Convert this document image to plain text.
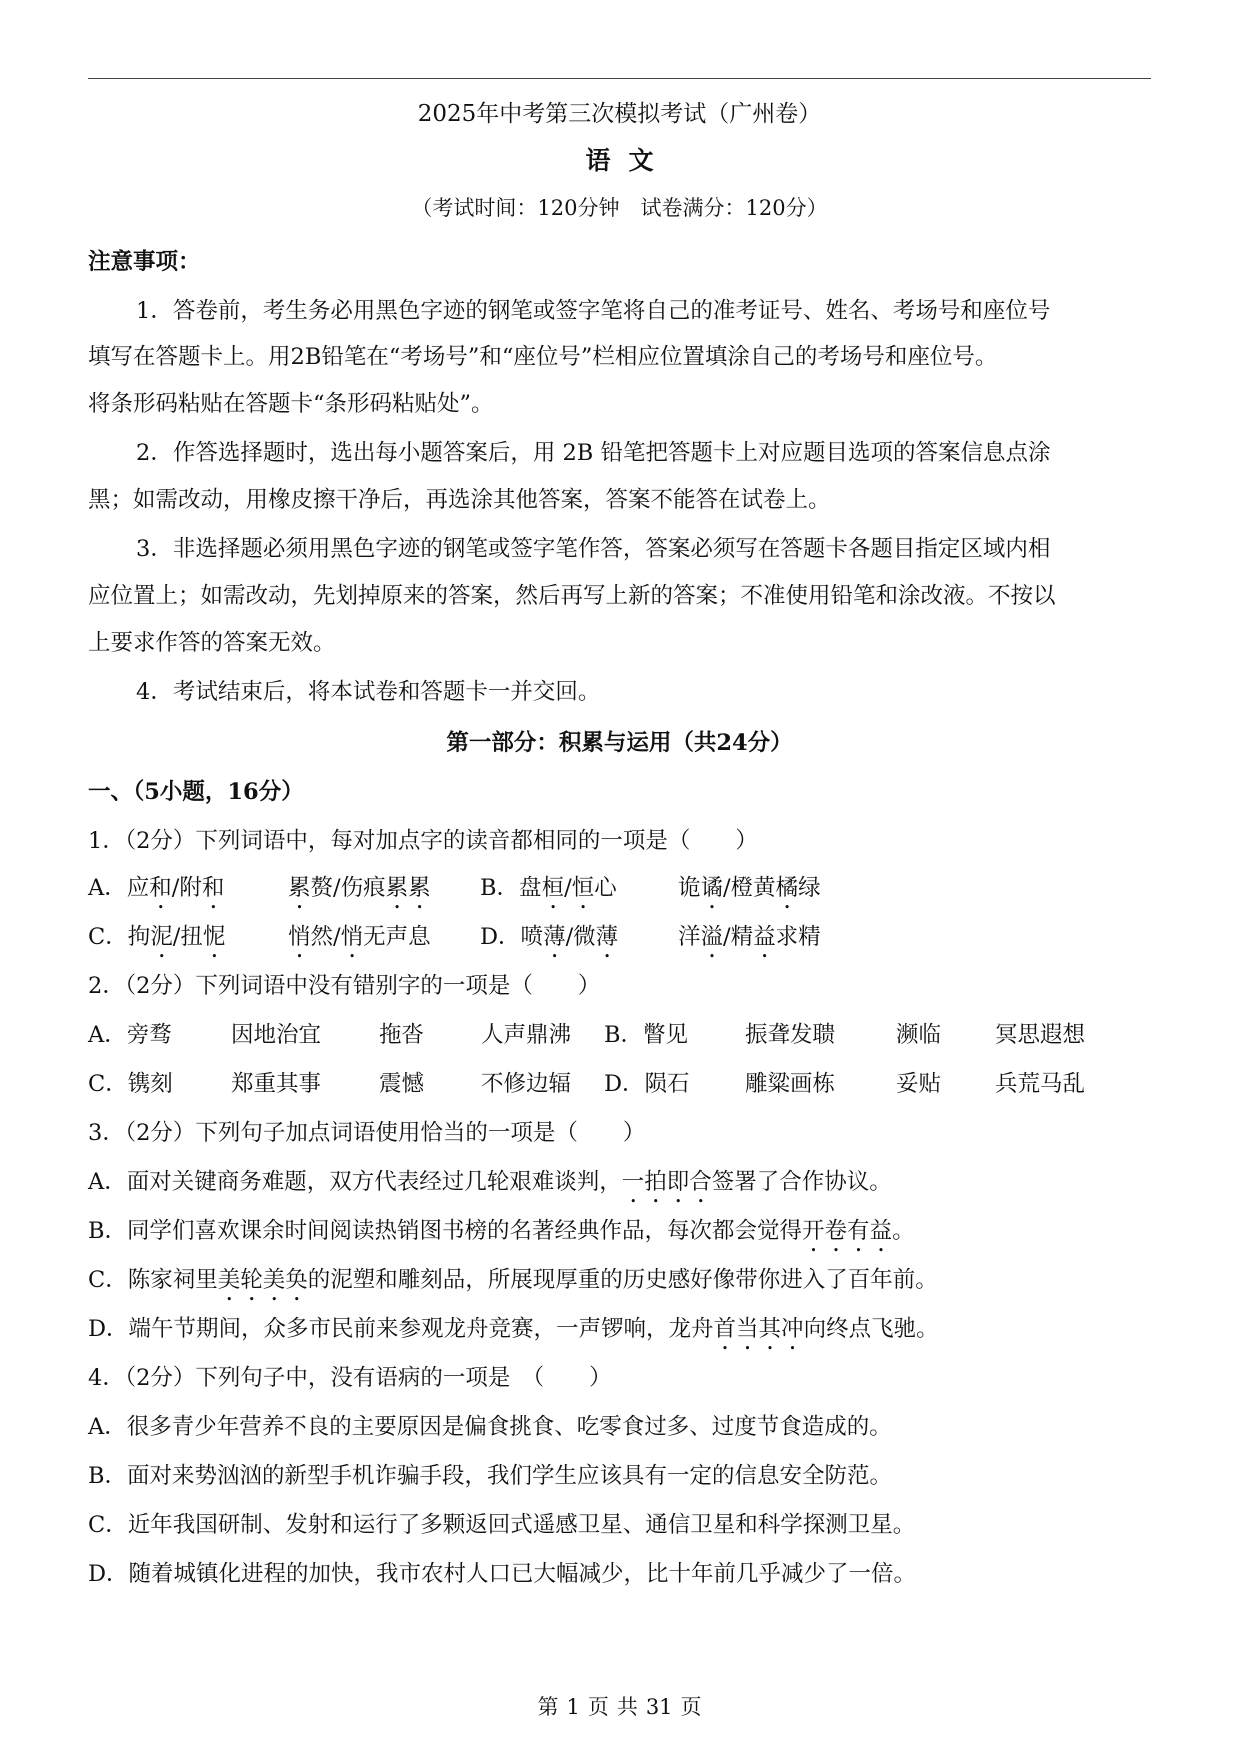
2025年中考第三次模拟考试（广州卷）
语文
（考试时间：120分钟　试卷满分：120分）
注意事项：
1．答卷前，考生务必用黑色字迹的钢笔或签字笔将自己的准考证号、姓名、考场号和座位号
填写在答题卡上。用2B铅笔在“考场号”和“座位号”栏相应位置填涂自己的考场号和座位号。
将条形码粘贴在答题卡“条形码粘贴处”。
2．作答选择题时，选出每小题答案后，用 2B 铅笔把答题卡上对应题目选项的答案信息点涂
黑；如需改动，用橡皮擦干净后，再选涂其他答案，答案不能答在试卷上。
3．非选择题必须用黑色字迹的钢笔或签字笔作答，答案必须写在答题卡各题目指定区域内相
应位置上；如需改动，先划掉原来的答案，然后再写上新的答案；不准使用铅笔和涂改液。不按以
上要求作答的答案无效。
4．考试结束后，将本试卷和答题卡一并交回。
第一部分：积累与运用（共24分）
一、（5小题，16分）
1．（2分）下列词语中，每对加点字的读音都相同的一项是（　　）
A．应和/附和	累赘/伤痕累累 B．盘桓/恒心	诡谲/橙黄橘绿
C．拘泥/扭怩	悄然/悄无声息 D．喷薄/微薄	洋溢/精益求精
2．（2分）下列词语中没有错别字的一项是（　　）
A．旁骛	因地治宜	拖沓	人声鼎沸 B．瞥见	振聋发聩	濒临 冥思遐想
C．镌刻	郑重其事	震憾	不修边辐 D．陨石 雕粱画栋	妥贴 兵荒马乱
3．（2分）下列句子加点词语使用恰当的一项是（　　）
A．面对关键商务难题，双方代表经过几轮艰难谈判，一拍即合签署了合作协议。
B．同学们喜欢课余时间阅读热销图书榜的名著经典作品，每次都会觉得开卷有益。
C．陈家祠里美轮美奂的泥塑和雕刻品，所展现厚重的历史感好像带你进入了百年前。
D．端午节期间，众多市民前来参观龙舟竞赛，一声锣响，龙舟首当其冲向终点飞驰。
4．（2分）下列句子中，没有语病的一项是　（　　）
A．很多青少年营养不良的主要原因是偏食挑食、吃零食过多、过度节食造成的。
B．面对来势汹汹的新型手机诈骗手段，我们学生应该具有一定的信息安全防范。
C．近年我国研制、发射和运行了多颗返回式遥感卫星、通信卫星和科学探测卫星。
D．随着城镇化进程的加快，我市农村人口已大幅减少，比十年前几乎减少了一倍。
第 1 页 共 31 页
